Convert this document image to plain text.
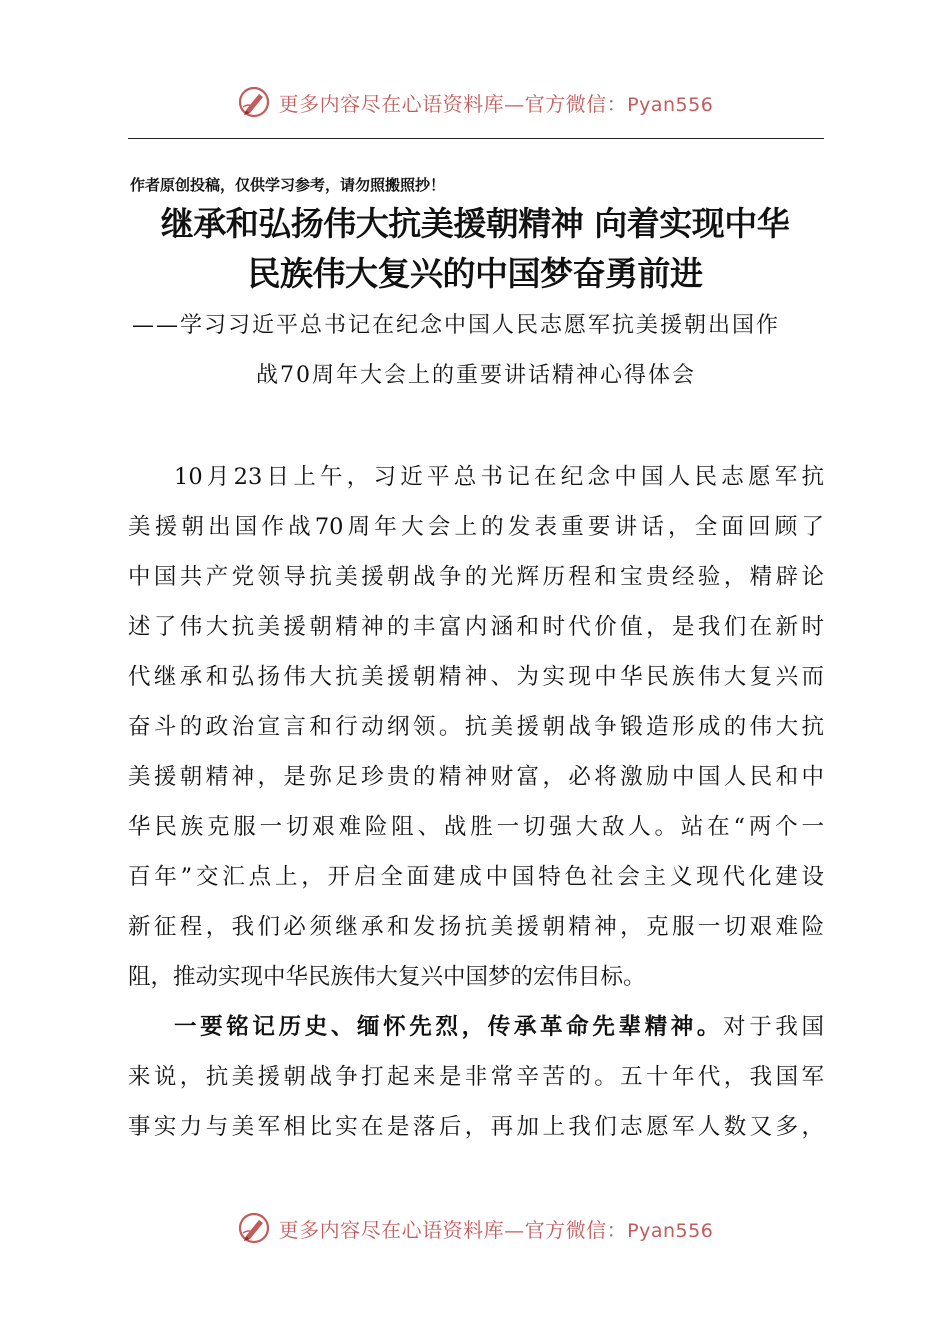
更多内容尽在心语资料库—官方微信：Pyan556
作者原创投稿，仅供学习参考，请勿照搬照抄！
继承和弘扬伟大抗美援朝精神 向着实现中华
民族伟大复兴的中国梦奋勇前进
——学习习近平总书记在纪念中国人民志愿军抗美援朝出国作
战70周年大会上的重要讲话精神心得体会
10月23日上午，习近平总书记在纪念中国人民志愿军抗
美援朝出国作战70周年大会上的发表重要讲话，全面回顾了
中国共产党领导抗美援朝战争的光辉历程和宝贵经验，精辟论
述了伟大抗美援朝精神的丰富内涵和时代价值，是我们在新时
代继承和弘扬伟大抗美援朝精神、为实现中华民族伟大复兴而
奋斗的政治宣言和行动纲领。抗美援朝战争锻造形成的伟大抗
美援朝精神，是弥足珍贵的精神财富，必将激励中国人民和中
华民族克服一切艰难险阻、战胜一切强大敌人。站在“两个一
百年”交汇点上，开启全面建成中国特色社会主义现代化建设
新征程，我们必须继承和发扬抗美援朝精神，克服一切艰难险
阻，推动实现中华民族伟大复兴中国梦的宏伟目标。
一要铭记历史、缅怀先烈，传承革命先辈精神。对于我国
来说，抗美援朝战争打起来是非常辛苦的。五十年代，我国军
事实力与美军相比实在是落后，再加上我们志愿军人数又多，
更多内容尽在心语资料库—官方微信：Pyan556
